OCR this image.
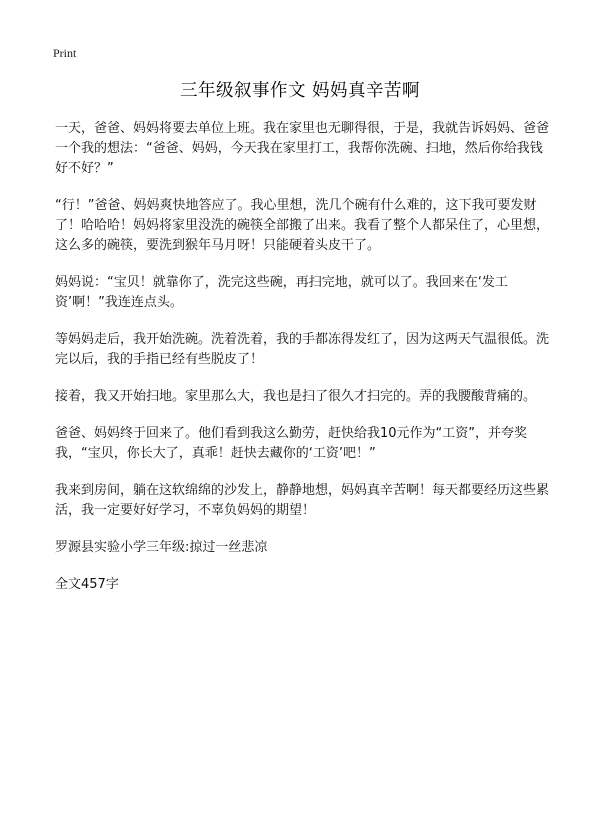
Print
三年级叙事作文 妈妈真辛苦啊

一天，爸爸、妈妈将要去单位上班。我在家里也无聊得很，于是，我就告诉妈妈、爸爸一个我的想法：“爸爸、妈妈，今天我在家里打工，我帮你洗碗、扫地，然后你给我钱好不好？”

“行！”爸爸、妈妈爽快地答应了。我心里想，洗几个碗有什么难的，这下我可要发财了！哈哈哈！妈妈将家里没洗的碗筷全部搬了出来。我看了整个人都呆住了，心里想，这么多的碗筷，要洗到猴年马月呀！只能硬着头皮干了。

妈妈说：“宝贝！就靠你了，洗完这些碗，再扫完地，就可以了。我回来在‘发工资’啊！”我连连点头。

等妈妈走后，我开始洗碗。洗着洗着，我的手都冻得发红了，因为这两天气温很低。洗完以后，我的手指已经有些脱皮了！

接着，我又开始扫地。家里那么大，我也是扫了很久才扫完的。弄的我腰酸背痛的。

爸爸、妈妈终于回来了。他们看到我这么勤劳，赶快给我10元作为“工资”，并夸奖我，“宝贝，你长大了，真乖！赶快去藏你的‘工资’吧！”

我来到房间，躺在这软绵绵的沙发上，静静地想，妈妈真辛苦啊！每天都要经历这些累活，我一定要好好学习，不辜负妈妈的期望！

罗源县实验小学三年级:掠过一丝悲凉

全文457字
